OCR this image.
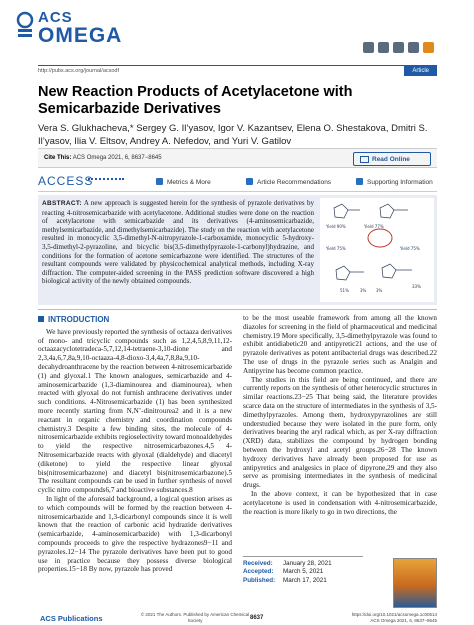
ACS
OMEGA
http://pubs.acs.org/journal/acsodf	Article
New Reaction Products of Acetylacetone with Semicarbazide Derivatives
Vera S. Glukhacheva,* Sergey G. Il’yasov, Igor V. Kazantsev, Elena O. Shestakova, Dmitri S. Il’yasov, Ilia V. Eltsov, Andrey A. Nefedov, and Yuri V. Gatilov
Cite This: ACS Omega 2021, 6, 8637−8645	Read Online
ACCESS	Metrics & More	Article Recommendations	Supporting Information

ABSTRACT: A new approach is suggested herein for the synthesis of pyrazole derivatives by reacting 4-nitrosemicarbazide with acetylacetone. Additional studies were done on the reaction of acetylacetone with semicarbazide and its derivatives (4-aminosemicarbazide, methylsemicarbazide, and dimethylsemicarbazide). The study on the reaction with acetylacetone resulted in monocyclic 3,5-dimethyl-N-nitropyrazole-1-carboxamide, monocyclic 5-hydroxy-3,5-dimethyl-2-pyrazoline, and bicyclic bis(3,5-dimethylpyrazole-1-carbonyl)hydrazine, and conditions for the formation of acetone semicarbazone were identified. The structures of the resultant compounds were validated by physicochemical analytical methods, including X-ray diffraction. The computer-aided screening in the PASS prediction software discovered a high biological activity of the newly obtained compounds.

Yield 90%	Yield 77%
Yield 75%	Yield 75%
51%	3% 3%
33%
INTRODUCTION

We have previously reported the synthesis of octaaza derivatives of mono- and tricyclic compounds such as 1,2,4,5,8,9,11,12-octaazacyclotetradeca-5,7,12,14-tetraene-3,10-dione and 2,3,4a,6,7,8a,9,10-octaaza-4,8-dioxo-3,4,4a,7,8,8a,9,10-decahydroanthracene by the reaction between 4-nitrosemicarbazide (1) and glyoxal.1 The known analogues, semicarbazide and 4-aminosemicarbazide (1,3-diaminourea and diaminourea), when reacted with glyoxal do not furnish anthracene derivatives under such conditions. 4-Nitrosemicarbazide (1) has been synthesized more recently starting from N,N’-dinitrourea2 and it is a new reactant in organic chemistry and coordination compounds chemistry.3 Despite a few binding sites, the molecule of 4-nitrosemicarbazide exhibits regioselectivity toward monoaldehydes to yield the respective nitrosemicarbazones.4,5 4-Nitrosemicarbazide reacts with glyoxal (dialdehyde) and diacetyl (diketone) to yield the respective linear glyoxal bis(nitrosemicarbazone) and diacetyl bis(nitrosemicarbazone).5 The resultant compounds can be used in further synthesis of novel cyclic nitro compounds6,7 and bioactive substances.8

In light of the aforesaid background, a logical question arises as to which compounds will be formed by the reaction between 4-nitrosemicarbazide and 1,3-dicarbonyl compounds since it is well known that the reaction of carbonic acid hydrazide derivatives (semicarbazide, 4-aminosemicarbazide) with 1,3-dicarbonyl compounds proceeds to give the respective hydrazones9−11 and pyrazoles.12−14 The pyrazole derivatives have been put to good use in practice because they possess diverse biological properties.15−18 By now, pyrazole has proved

to be the most useable framework from among all the known diazoles for screening in the field of pharmaceutical and medicinal chemistry.19 More specifically, 3,5-dimethylpyrazole was found to exhibit antidiabetic20 and antipyretic21 actions, and the use of pyrazole derivatives as potent antibacterial drugs was described.22 The use of drugs in the pyrazole series such as Analgin and Antipyrine has become common practice.

The studies in this field are being continued, and there are currently reports on the synthesis of other heterocyclic structures in similar reactions.23−25 That being said, the literature provides scarce data on the structure of intermediates in the synthesis of 3,5-dimethylpyrazoles. Among them, hydroxypyrazolines are still understudied because they were isolated in the pure form, only derivatives bearing the aryl radical which, as per X-ray diffraction (XRD) data, stabilizes the compound by hydrogen bonding between the hydroxyl and acetyl groups.26−28 The known hydroxy derivatives have already been proposed for use as antipyretics and analgesics in place of dipyrone,29 and they also serve as promising intermediates in the synthesis of medicinal drugs.

In the above context, it can be hypothesized that in case acetylacetone is used in condensation with 4-nitrosemicarbazide, the reaction is more likely to go in two directions, the

Received: January 28, 2021
Accepted: March 5, 2021
Published: March 17, 2021
ACS Publications	© 2021 The Authors. Published by American Chemical Society	8637
https://doi.org/10.1021/acsomega.1c00514
ACS Omega 2021, 6, 8637−8645
